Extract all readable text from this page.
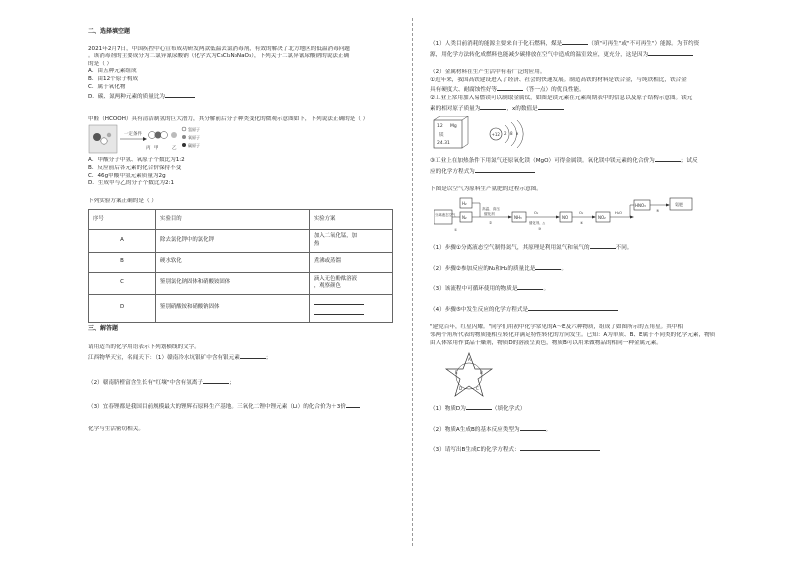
二、选择填空题
2021年2月7日，中国疾控中心宣布成功研发两款低温去氯消毒剂，有效的解决了北方地区的低温消毒问题
。该消毒剂的主要成分为二氯异氰尿酸钠（化学式为C₃Cl₂N₃NaO₃），下列关于二氯异氰尿酸钠的说法正确
的是（ ）
A．由五种元素组成
B．由12个原子构成
C．属于氧化物
D．碳、氮两种元素的质量比为
甲醛（HCOOH）具有清洁制氢的巨大潜力，其分解前后分子种类变化的微观示意图如下，下列说法正确的是（ ）
一定条件
甲	乙
丙
氢原子
氧原子
碳原子
A．甲酸分子中氢、氧原子个数比为1:2
B．反应前后各元素的化合价保持不变
C．46g甲酸中氢元素质量为2g
D．生成甲与乙的分子个数比为2:1
下列实验方案正确的是（ ）
序号	实验目的	实验方案
A	除去氯化钾中的氯化钾	加入二氧化锰，加
热

B	硬水软化	煮沸或蒸馏

C	鉴别氯化钠固体和硝酸铵固体	滴入无色酚酞溶液
，观察颜色

D	鉴别硝酸铵和硝酸钠固体	
三、解答题
请用适当的化学用语表示下列划横线的文字。
江西物华天宝，名闻天下：（1）赣南冷水坑银矿中含有银元素	；
（2）赣南脐橙富含生长有"红壤"中含有氢离子	；
（3）宜春锂都是我国目前规模最大的锂辉石原料生产基地。三氧化二锂中锂元素（Li）的化合价为＋3价
化学与生活密切相关。
（1）人类目前消耗的能源主要来自于化石燃料，煤是	（填"可再生"或"不可再生"）能源。为节约资
源，用化学方法转化成燃料也能减少碳排放在空气中造成的温室效应，更充分，这是因为
（2）金属材料在生产生活中有着广泛的应用。
①近年来，我国高铁建设进入了经济、社会的快速发展。制造高铁的材料是铁合金，与纯铁相比，铁合金
具有硬度大、耐腐蚀性好等	（答一点）的优良性能。
②工业上常用加入易燃镁可以制取金属钛，如图是镁元素在元素周期表中的信息以及原子结构示意图。镁元
素的相对原子质量为	，x的数值是
12 Mg
镁
24.31
+12 2 8 x
③工业上在加热条件下用氮气还原氧化镁（MgO）可得金属镁。氧化镁中镁元素的化合价为	；试反
应的化学方程式为
下图是以空气为原料生产氨肥的过程示意图。
分离液态空气 N₂
H₂
高温、高压
催化剂
②
①
NH₃
O₂
催化剂、△
③
NO
O₂
④
NO₂
H₂O
HNO₃
⑤
氨肥
（1）步骤①分离液态空气制得氮气，其原理是利用氮气和氧气的	不同。
（2）步骤②参加反应的N₂和H₂的质量比是	。
（3）该流程中可循环使用的物质是	。
（4）步骤⑤中发生反应的化学方程式是
"建党百年，红星闪耀。"同学们用初中化学常见的A～E及六种物质，组成了如图所示的五角星。其中相
邻两个角所代表的物质能相互转化并满足特性转化的方向发生。已知：A为单质、B、E属于不同类的化学元素，物质
由人体常用作食品干燥剂，物质D的溶液呈黄色，物质B可以用来做物品的相同一种金属元素。
A
B
C
D
E
（1）物质D为	（填化学式）
（2）物质A生成B的基本反应类型为	。
（3）请写出B生成C的化学方程式：
